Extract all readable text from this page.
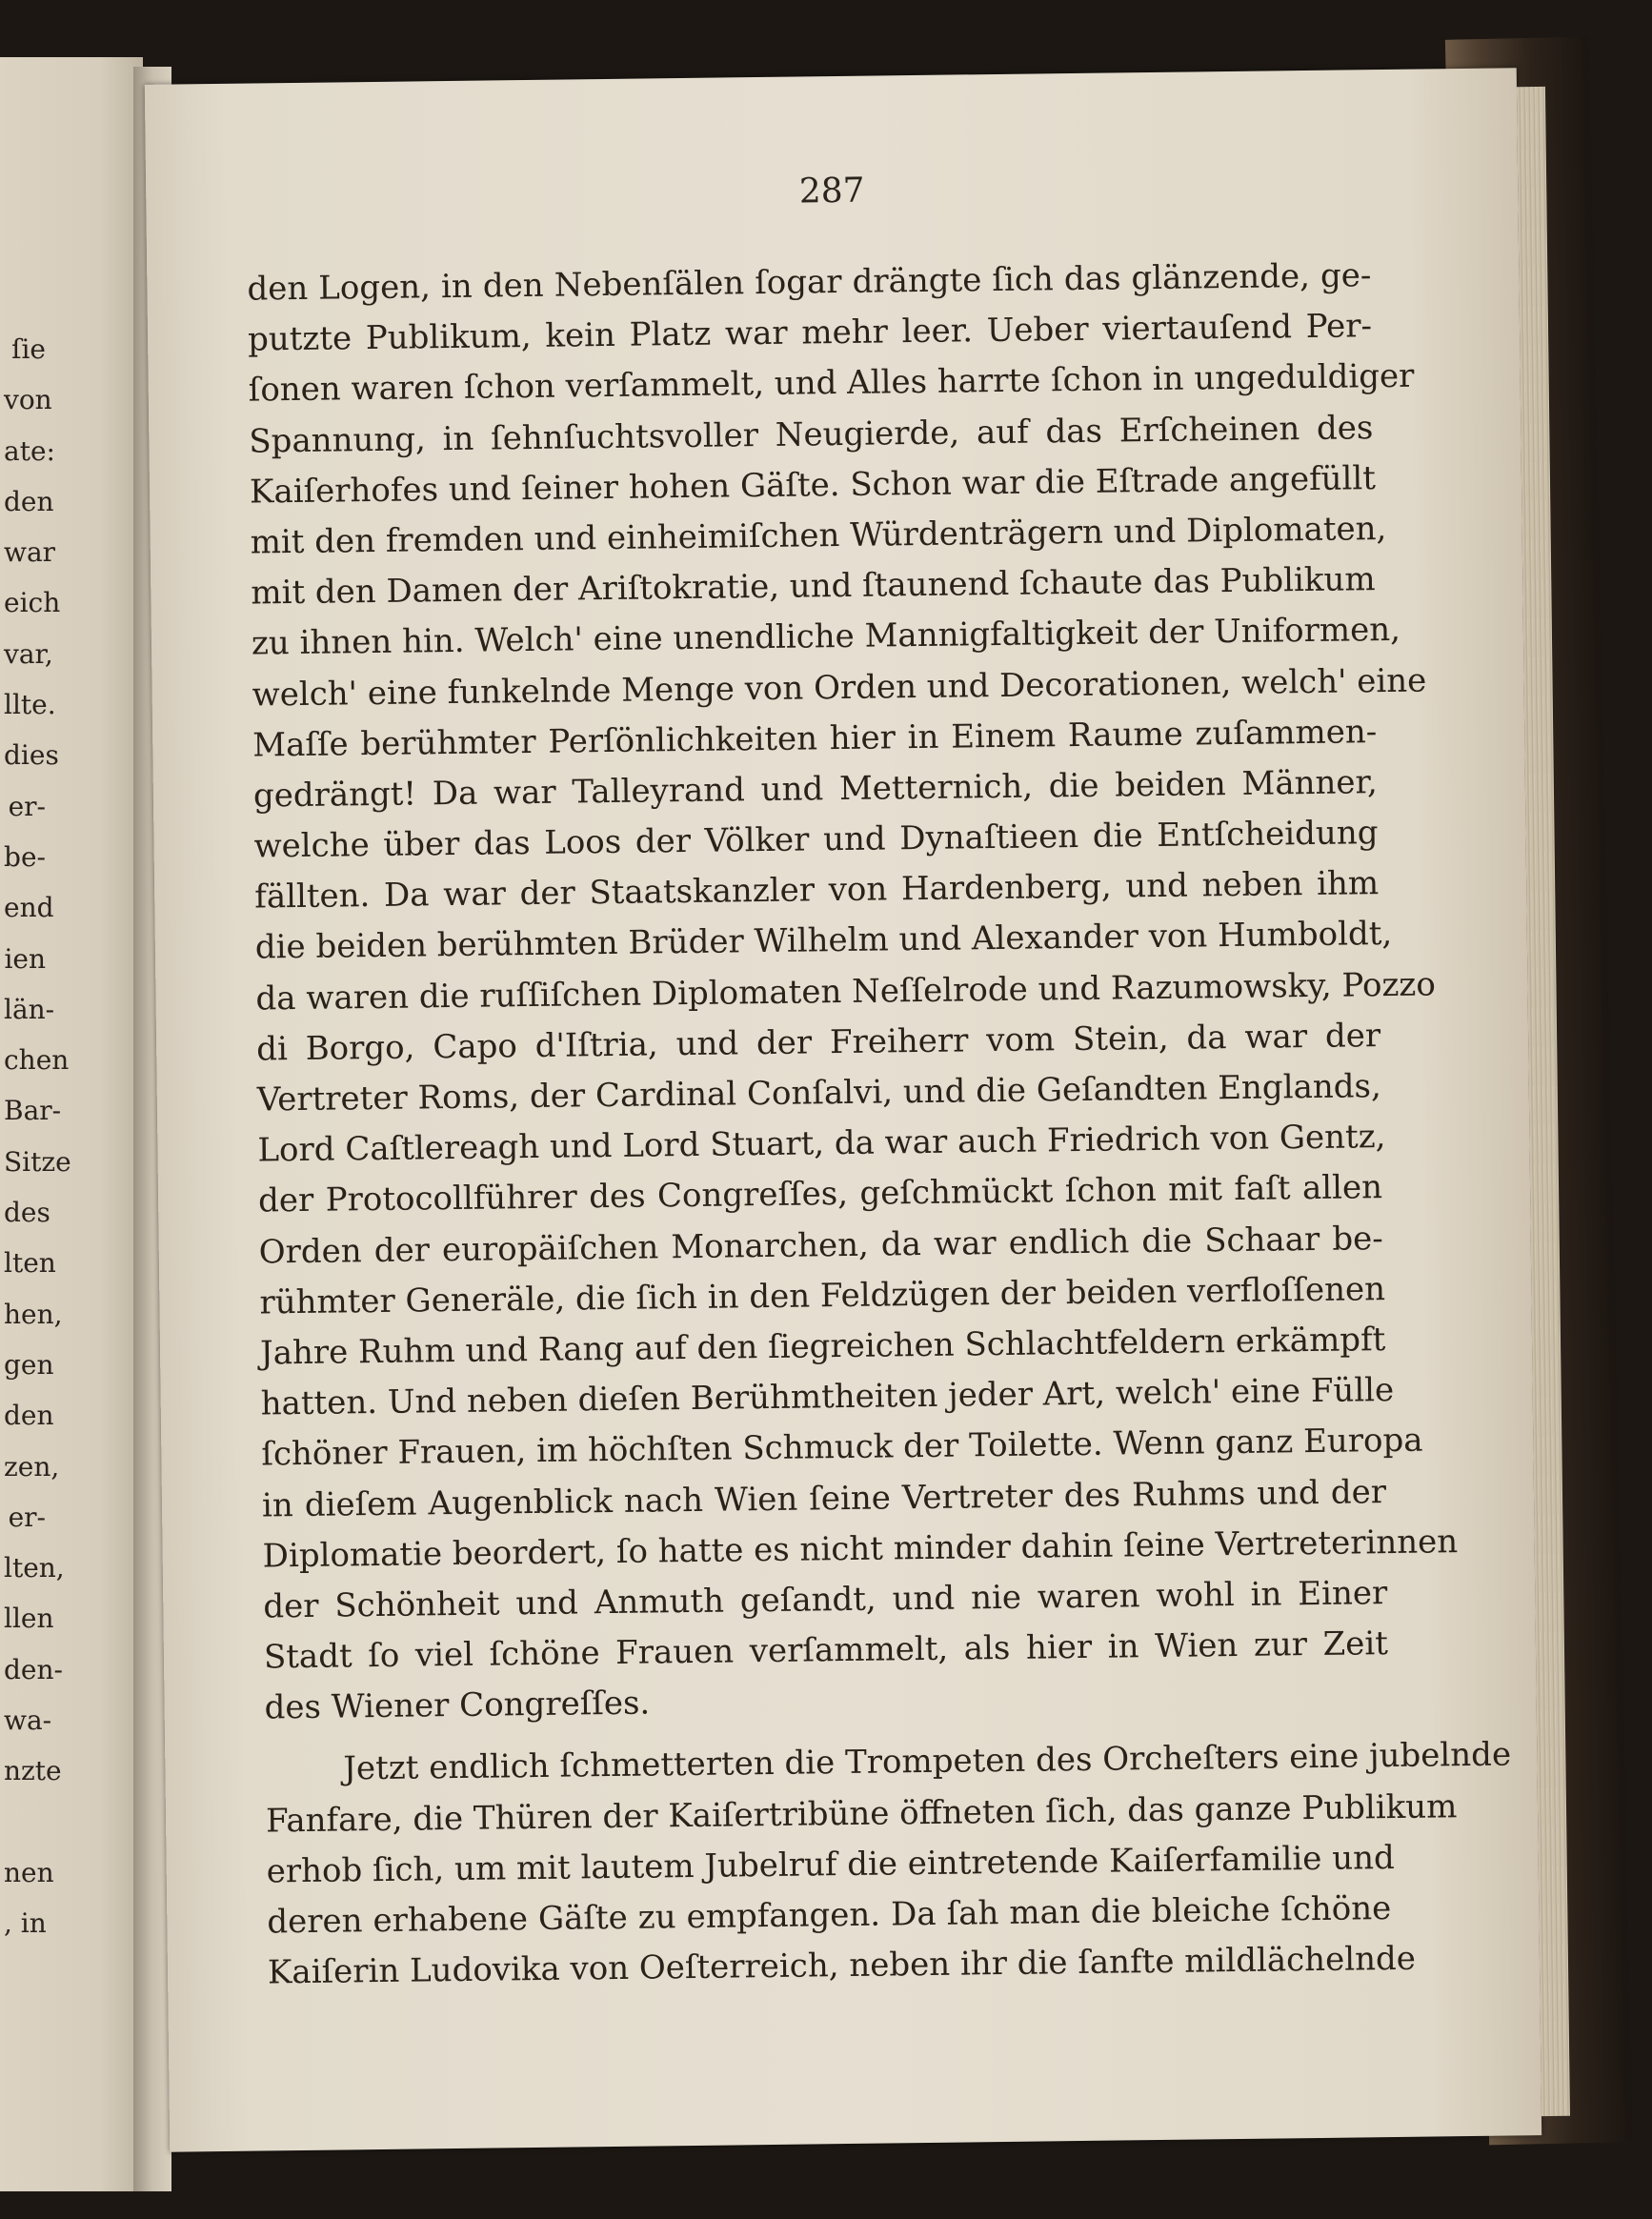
ſie
von
ate:
den
war
eich
var,
llte.
dies
er-
be-
end
ien
län-
chen
Bar-
Sitze
des
lten
hen,
gen
den
zen,
er-
lten,
llen
den-
wa-
nzte
nen
, in
287
den Logen, in den Nebenſälen ſogar drängte ſich das glänzende, ge-
putzte Publikum, kein Platz war mehr leer. Ueber viertauſend Per-
ſonen waren ſchon verſammelt, und Alles harrte ſchon in ungeduldiger
Spannung, in ſehnſuchtsvoller Neugierde, auf das Erſcheinen des
Kaiſerhofes und ſeiner hohen Gäſte. Schon war die Eſtrade angefüllt
mit den fremden und einheimiſchen Würdenträgern und Diplomaten,
mit den Damen der Ariſtokratie, und ſtaunend ſchaute das Publikum
zu ihnen hin. Welch' eine unendliche Mannigfaltigkeit der Uniformen,
welch' eine funkelnde Menge von Orden und Decorationen, welch' eine
Maſſe berühmter Perſönlichkeiten hier in Einem Raume zuſammen-
gedrängt! Da war Talleyrand und Metternich, die beiden Männer,
welche über das Loos der Völker und Dynaſtieen die Entſcheidung
fällten. Da war der Staatskanzler von Hardenberg, und neben ihm
die beiden berühmten Brüder Wilhelm und Alexander von Humboldt,
da waren die ruſſiſchen Diplomaten Neſſelrode und Razumowsky, Pozzo
di Borgo, Capo d'Iſtria, und der Freiherr vom Stein, da war der
Vertreter Roms, der Cardinal Conſalvi, und die Geſandten Englands,
Lord Caſtlereagh und Lord Stuart, da war auch Friedrich von Gentz,
der Protocollführer des Congreſſes, geſchmückt ſchon mit faſt allen
Orden der europäiſchen Monarchen, da war endlich die Schaar be-
rühmter Generäle, die ſich in den Feldzügen der beiden verfloſſenen
Jahre Ruhm und Rang auf den ſiegreichen Schlachtfeldern erkämpft
hatten. Und neben dieſen Berühmtheiten jeder Art, welch' eine Fülle
ſchöner Frauen, im höchſten Schmuck der Toilette. Wenn ganz Europa
in dieſem Augenblick nach Wien ſeine Vertreter des Ruhms und der
Diplomatie beordert, ſo hatte es nicht minder dahin ſeine Vertreterinnen
der Schönheit und Anmuth geſandt, und nie waren wohl in Einer
Stadt ſo viel ſchöne Frauen verſammelt, als hier in Wien zur Zeit
des Wiener Congreſſes.
Jetzt endlich ſchmetterten die Trompeten des Orcheſters eine jubelnde
Fanfare, die Thüren der Kaiſertribüne öffneten ſich, das ganze Publikum
erhob ſich, um mit lautem Jubelruf die eintretende Kaiſerfamilie und
deren erhabene Gäſte zu empfangen. Da ſah man die bleiche ſchöne
Kaiſerin Ludovika von Oeſterreich, neben ihr die ſanfte mildlächelnde
